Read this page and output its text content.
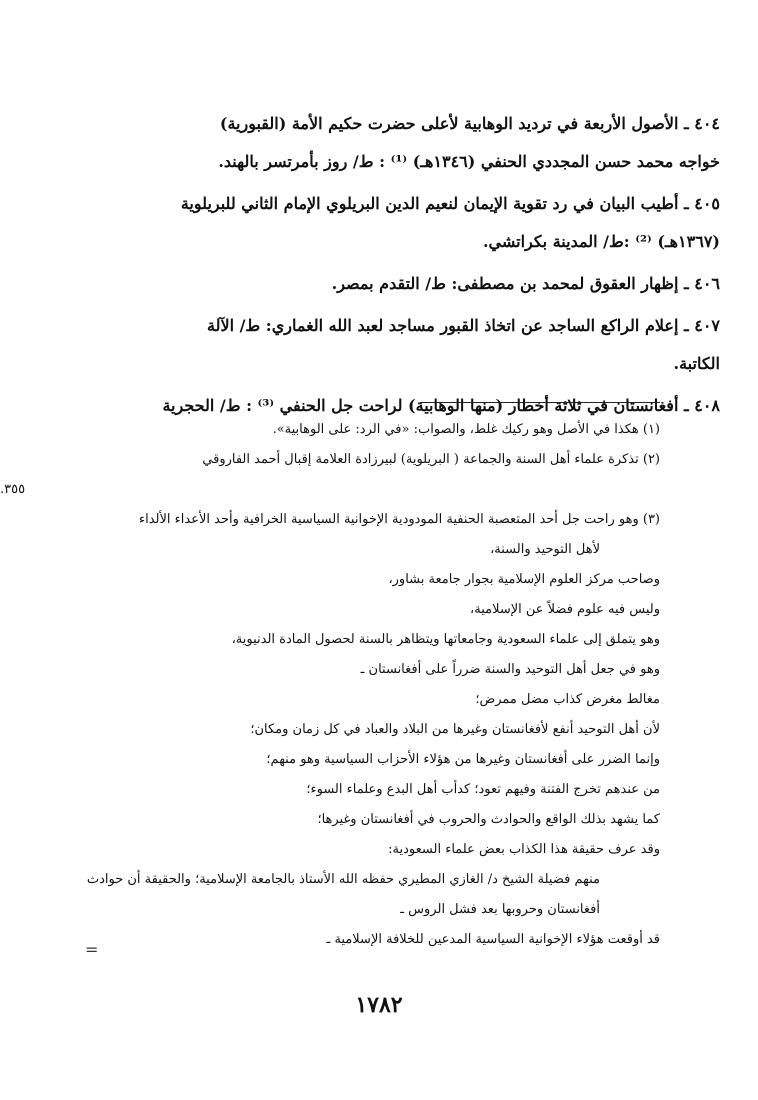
٤٠٤ ـ الأصول الأربعة في ترديد الوهابية لأعلى حضرت حكيم الأمة (القبورية)
خواجه محمد حسن المجددي الحنفي (١٣٤٦هـ) ⁽¹⁾ : ط/ روز بأمرتسر بالهند.

٤٠٥ ـ أطيب البيان في رد تقوية الإيمان لنعيم الدين البريلوي الإمام الثاني للبريلوية
(١٣٦٧هـ) ⁽²⁾ :ط/ المدينة بكراتشي.

٤٠٦ ـ إظهار العقوق لمحمد بن مصطفى: ط/ التقدم بمصر.

٤٠٧ ـ إعلام الراكع الساجد عن اتخاذ القبور مساجد لعبد الله الغماري: ط/ الآلة
الكاتبة.

٤٠٨ ـ أفغانستان في ثلاثة أخطار (منها الوهابية) لراحت جل الحنفي ⁽³⁾ : ط/ الحجرية

(١) هكذا في الأصل وهو ركيك غلط، والصواب: «في الرد: على الوهابية».

(٢) تذكرة علماء أهل السنة والجماعة ( البريلوية) لبيرزادة العلامة إقبال أحمد الفاروقي

٣٥٥.

(٣) وهو راحت جل أحد المتعصبة الحنفية المودودية الإخوانية السياسية الخرافية وأحد الأعداء الألداء

لأهل التوحيد والسنة،

وصاحب مركز العلوم الإسلامية بجوار جامعة بشاور،

وليس فيه علوم فضلاً عن الإسلامية،

وهو يتملق إلى علماء السعودية وجامعاتها ويتظاهر بالسنة لحصول المادة الدنيوية،

وهو في جعل أهل التوحيد والسنة ضرراً على أفغانستان ـ

مغالط مغرض كذاب مضل ممرض؛

لأن أهل التوحيد أنفع لأفغانستان وغيرها من البلاد والعباد في كل زمان ومكان؛

وإنما الضرر على أفغانستان وغيرها من هؤلاء الأحزاب السياسية وهو منهم؛

من عندهم تخرج الفتنة وفيهم تعود؛ كدأب أهل البدع وعلماء السوء؛

كما يشهد بذلك الواقع والحوادث والحروب في أفغانستان وغيرها؛

وقد عرف حقيقة هذا الكذاب بعض علماء السعودية:

منهم فضيلة الشيخ د/ الغازي المطيري حفظه الله الأستاذ بالجامعة الإسلامية؛ والحقيقة أن حوادث

أفغانستان وحروبها بعد فشل الروس ـ

قد أوقعت هؤلاء الإخوانية السياسية المدعين للخلافة الإسلامية ـ

=
١٧٨٢
